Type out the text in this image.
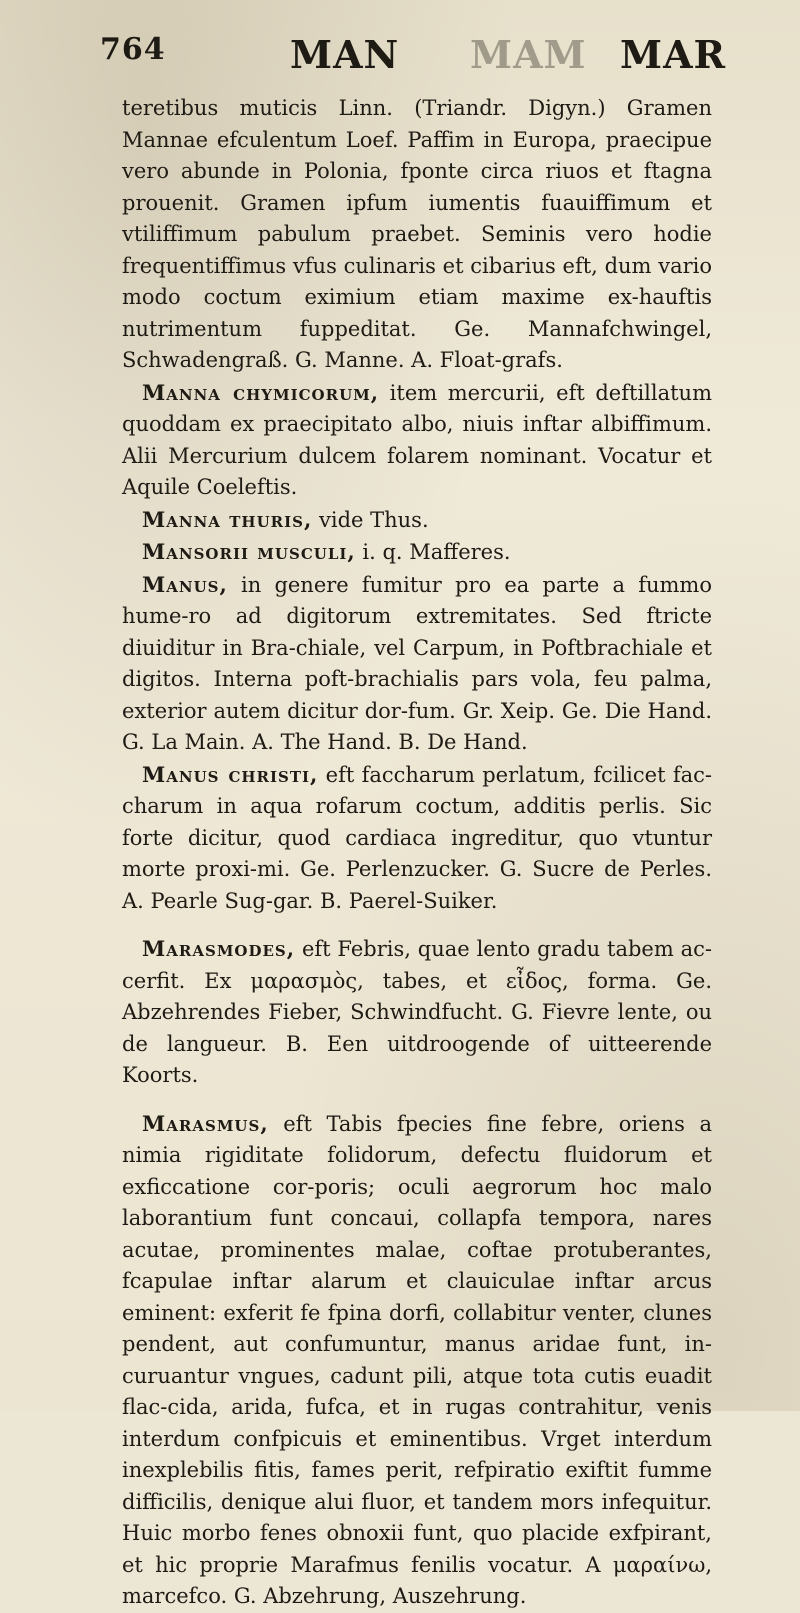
764	MAN MAM MAR

teretibus muticis Linn. (Triandr. Digyn.) Gramen Mannae efculentum Loef. Paffim in Europa, praecipue vero abunde in Polonia, fponte circa riuos et ftagna prouenit. Gramen ipfum iumentis fuauiffimum et vtiliffimum pabulum praebet. Seminis vero hodie frequentiffimus vfus culinaris et cibarius eft, dum vario modo coctum eximium etiam maxime ex-hauftis nutrimentum fuppeditat. Ge. Mannafchwingel, Schwadengraß. G. Manne. A. Float-grafs.

Manna chymicorum, item mercurii, eft deftillatum quoddam ex praecipitato albo, niuis inftar albiffimum. Alii Mercurium dulcem folarem nominant. Vocatur et Aquile Coeleftis.

Manna thuris, vide Thus.

Mansorii musculi, i. q. Mafferes.

Manus, in genere fumitur pro ea parte a fummo hume-ro ad digitorum extremitates. Sed ftricte diuiditur in Bra-chiale, vel Carpum, in Poftbrachiale et digitos. Interna poft-brachialis pars vola, feu palma, exterior autem dicitur dor-fum. Gr. Xeip. Ge. Die Hand. G. La Main. A. The Hand. B. De Hand.

Manus christi, eft faccharum perlatum, fcilicet fac-charum in aqua rofarum coctum, additis perlis. Sic forte dicitur, quod cardiaca ingreditur, quo vtuntur morte proxi-mi. Ge. Perlenzucker. G. Sucre de Perles. A. Pearle Sug-gar. B. Paerel-Suiker.

Marasmodes, eft Febris, quae lento gradu tabem ac-cerfit. Ex μαρασμὸς, tabes, et εἶδος, forma. Ge. Abzehrendes Fieber, Schwindfucht. G. Fievre lente, ou de langueur. B. Een uitdroogende of uitteerende Koorts.

Marasmus, eft Tabis fpecies fine febre, oriens a nimia rigiditate folidorum, defectu fluidorum et exficcatione cor-poris; oculi aegrorum hoc malo laborantium funt concaui, collapfa tempora, nares acutae, prominentes malae, coftae protuberantes, fcapulae inftar alarum et clauiculae inftar arcus eminent: exferit fe fpina dorfi, collabitur venter, clunes pendent, aut confumuntur, manus aridae funt, in-curuantur vngues, cadunt pili, atque tota cutis euadit flac-cida, arida, fufca, et in rugas contrahitur, venis interdum confpicuis et eminentibus. Vrget interdum inexplebilis fitis, fames perit, refpiratio exiftit fumme difficilis, denique alui fluor, et tandem mors infequitur. Huic morbo fenes obnoxii funt, quo placide exfpirant, et hic proprie Marafmus fenilis vocatur. A μαραίνω, marcefco. G. Abzehrung, Auszehrung.
